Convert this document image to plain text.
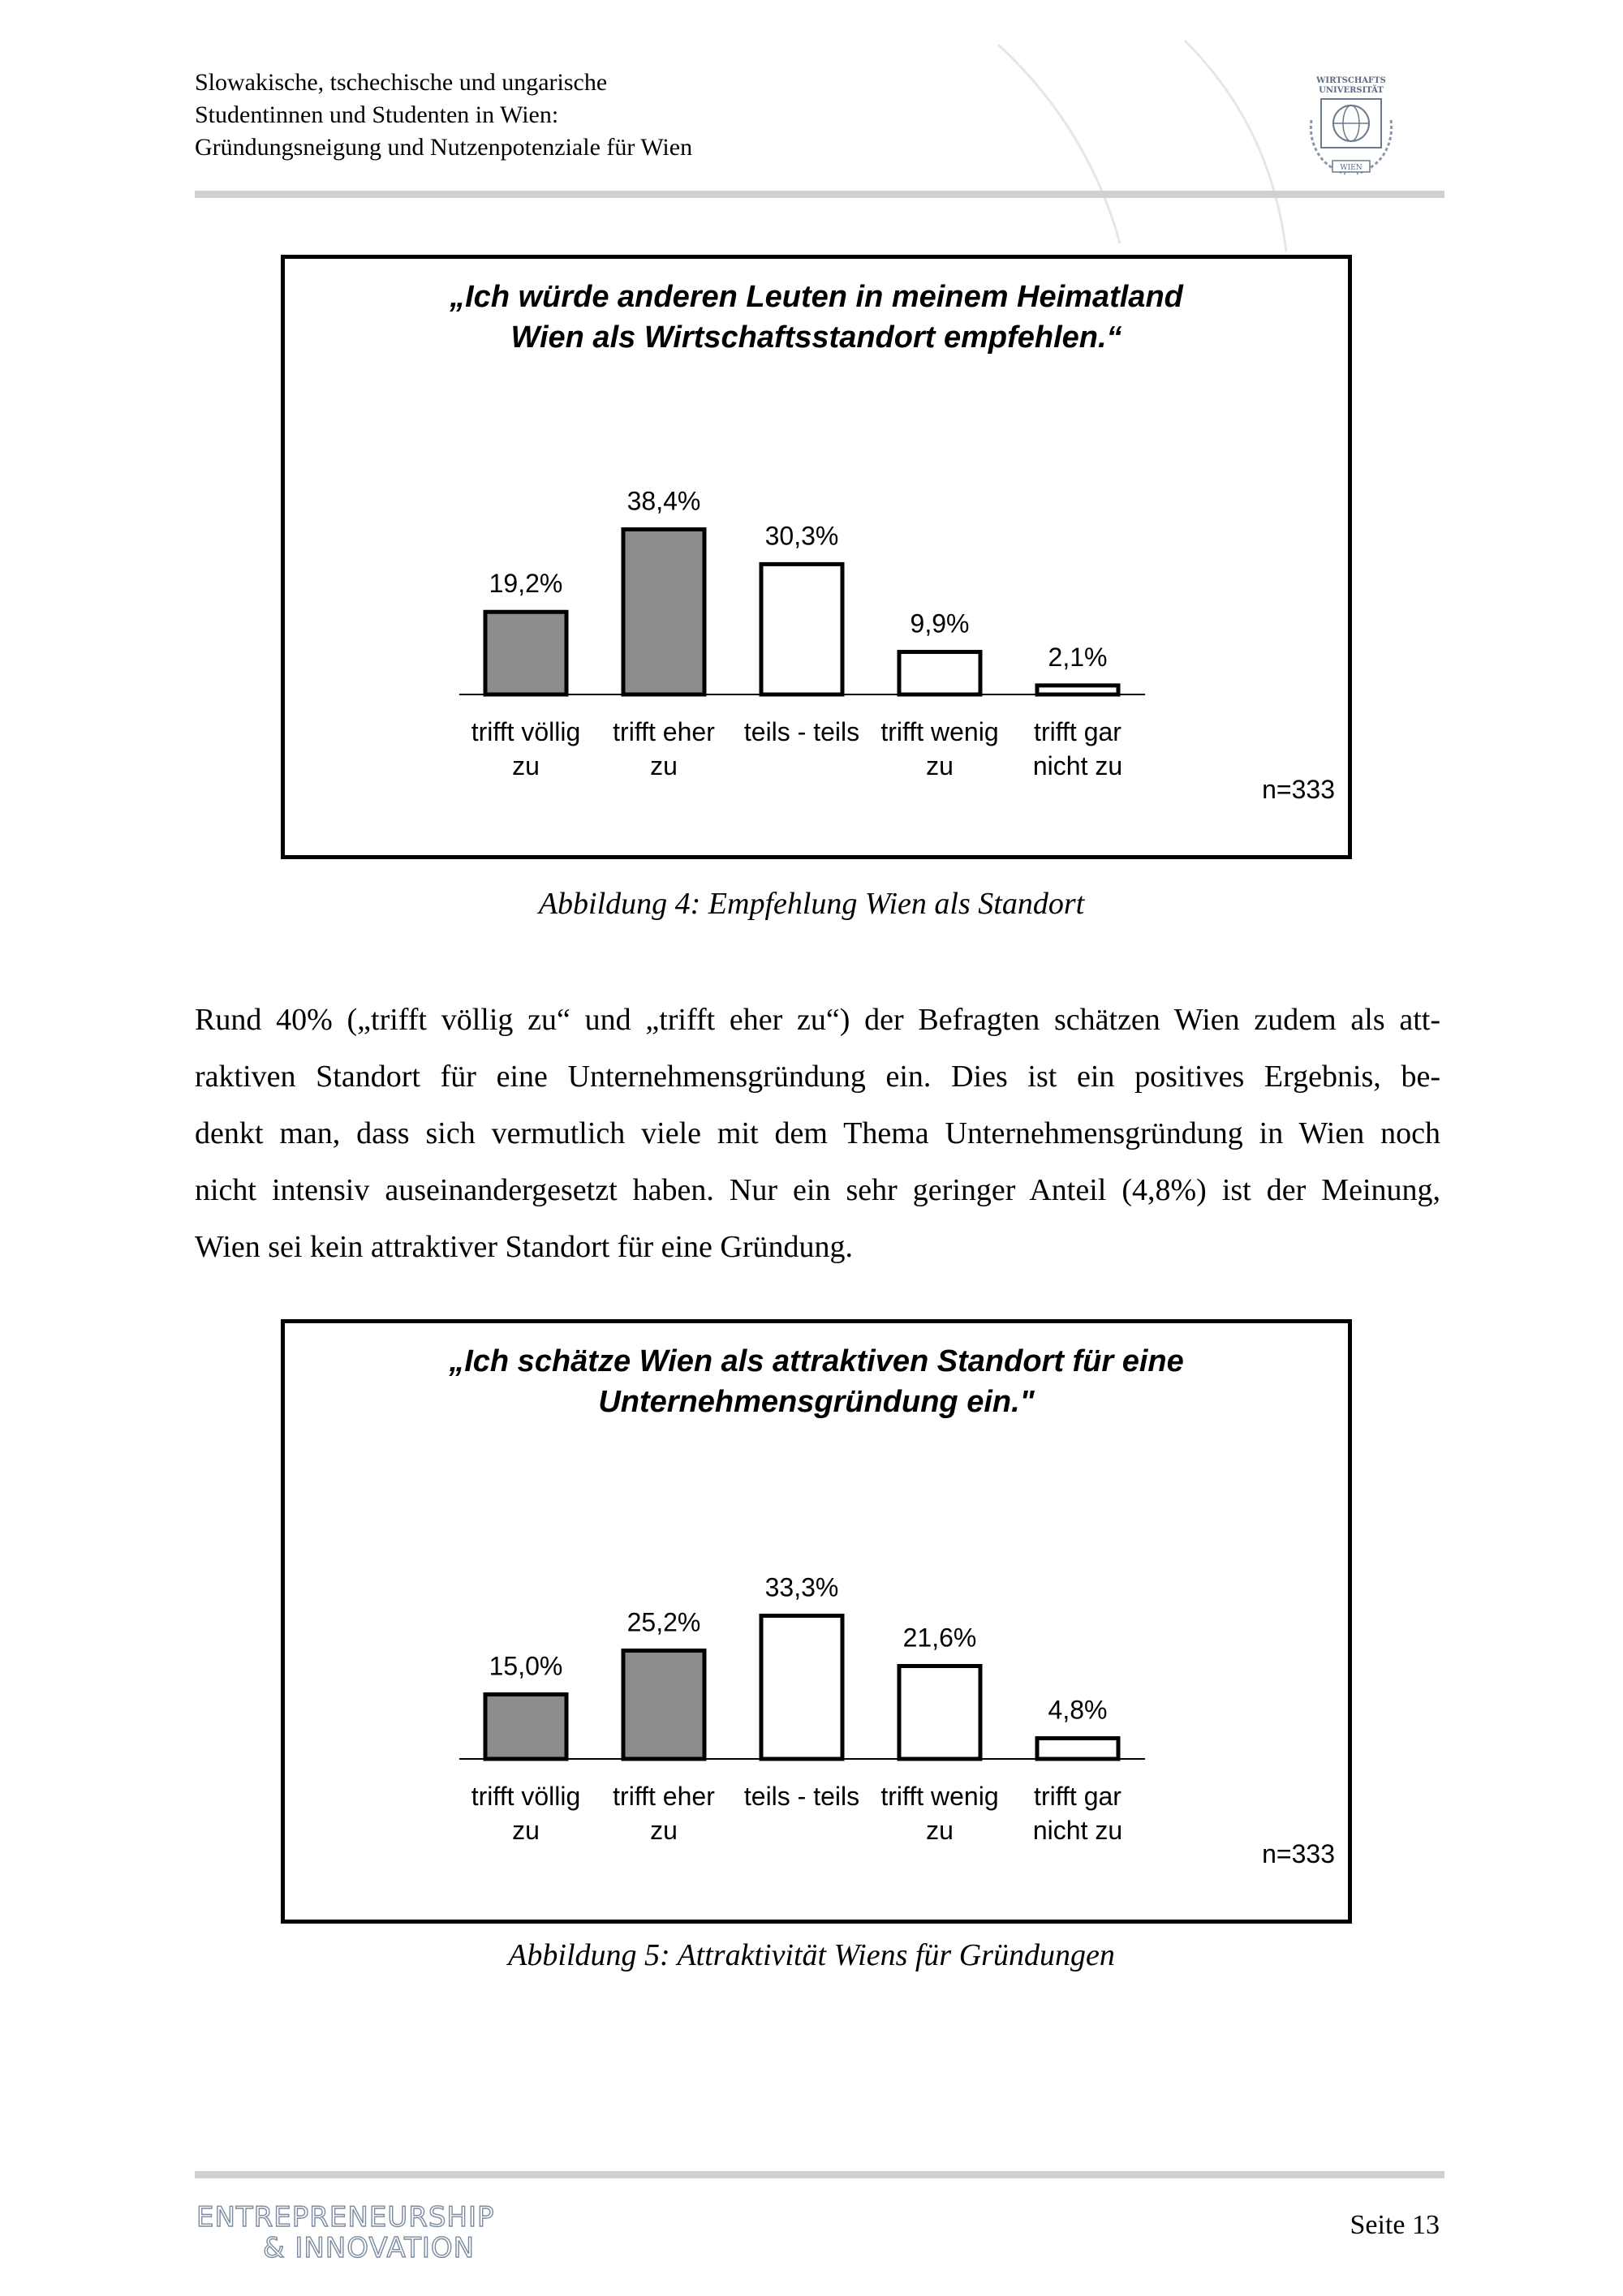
Slowakische, tschechische und ungarische
Studentinnen und Studenten in Wien:
Gründungsneigung und Nutzenpotenziale für Wien
WIRTSCHAFTS
UNIVERSITÄT
WIEN
„Ich würde anderen Leuten in meinem Heimatland
Wien als Wirtschaftsstandort empfehlen.“
19,2%
trifft völlig
zu
38,4%
trifft eher
zu
30,3%
teils - teils
9,9%
trifft wenig
zu
2,1%
trifft gar
nicht zu
n=333
Abbildung 4: Empfehlung Wien als Standort
Rund 40% („trifft völlig zu“ und „trifft eher zu“) der Befragten schätzen Wien zudem als att-
raktiven Standort für eine Unternehmensgründung ein. Dies ist ein positives Ergebnis, be-
denkt man, dass sich vermutlich viele mit dem Thema Unternehmensgründung in Wien noch
nicht intensiv auseinandergesetzt haben. Nur ein sehr geringer Anteil (4,8%) ist der Meinung,
Wien sei kein attraktiver Standort für eine Gründung.
„Ich schätze Wien als attraktiven Standort für eine
Unternehmensgründung ein."
15,0%
trifft völlig
zu
25,2%
trifft eher
zu
33,3%
teils - teils
21,6%
trifft wenig
zu
4,8%
trifft gar
nicht zu
n=333
Abbildung 5: Attraktivität Wiens für Gründungen
ENTREPRENEURSHIP
& INNOVATION
Seite 13
